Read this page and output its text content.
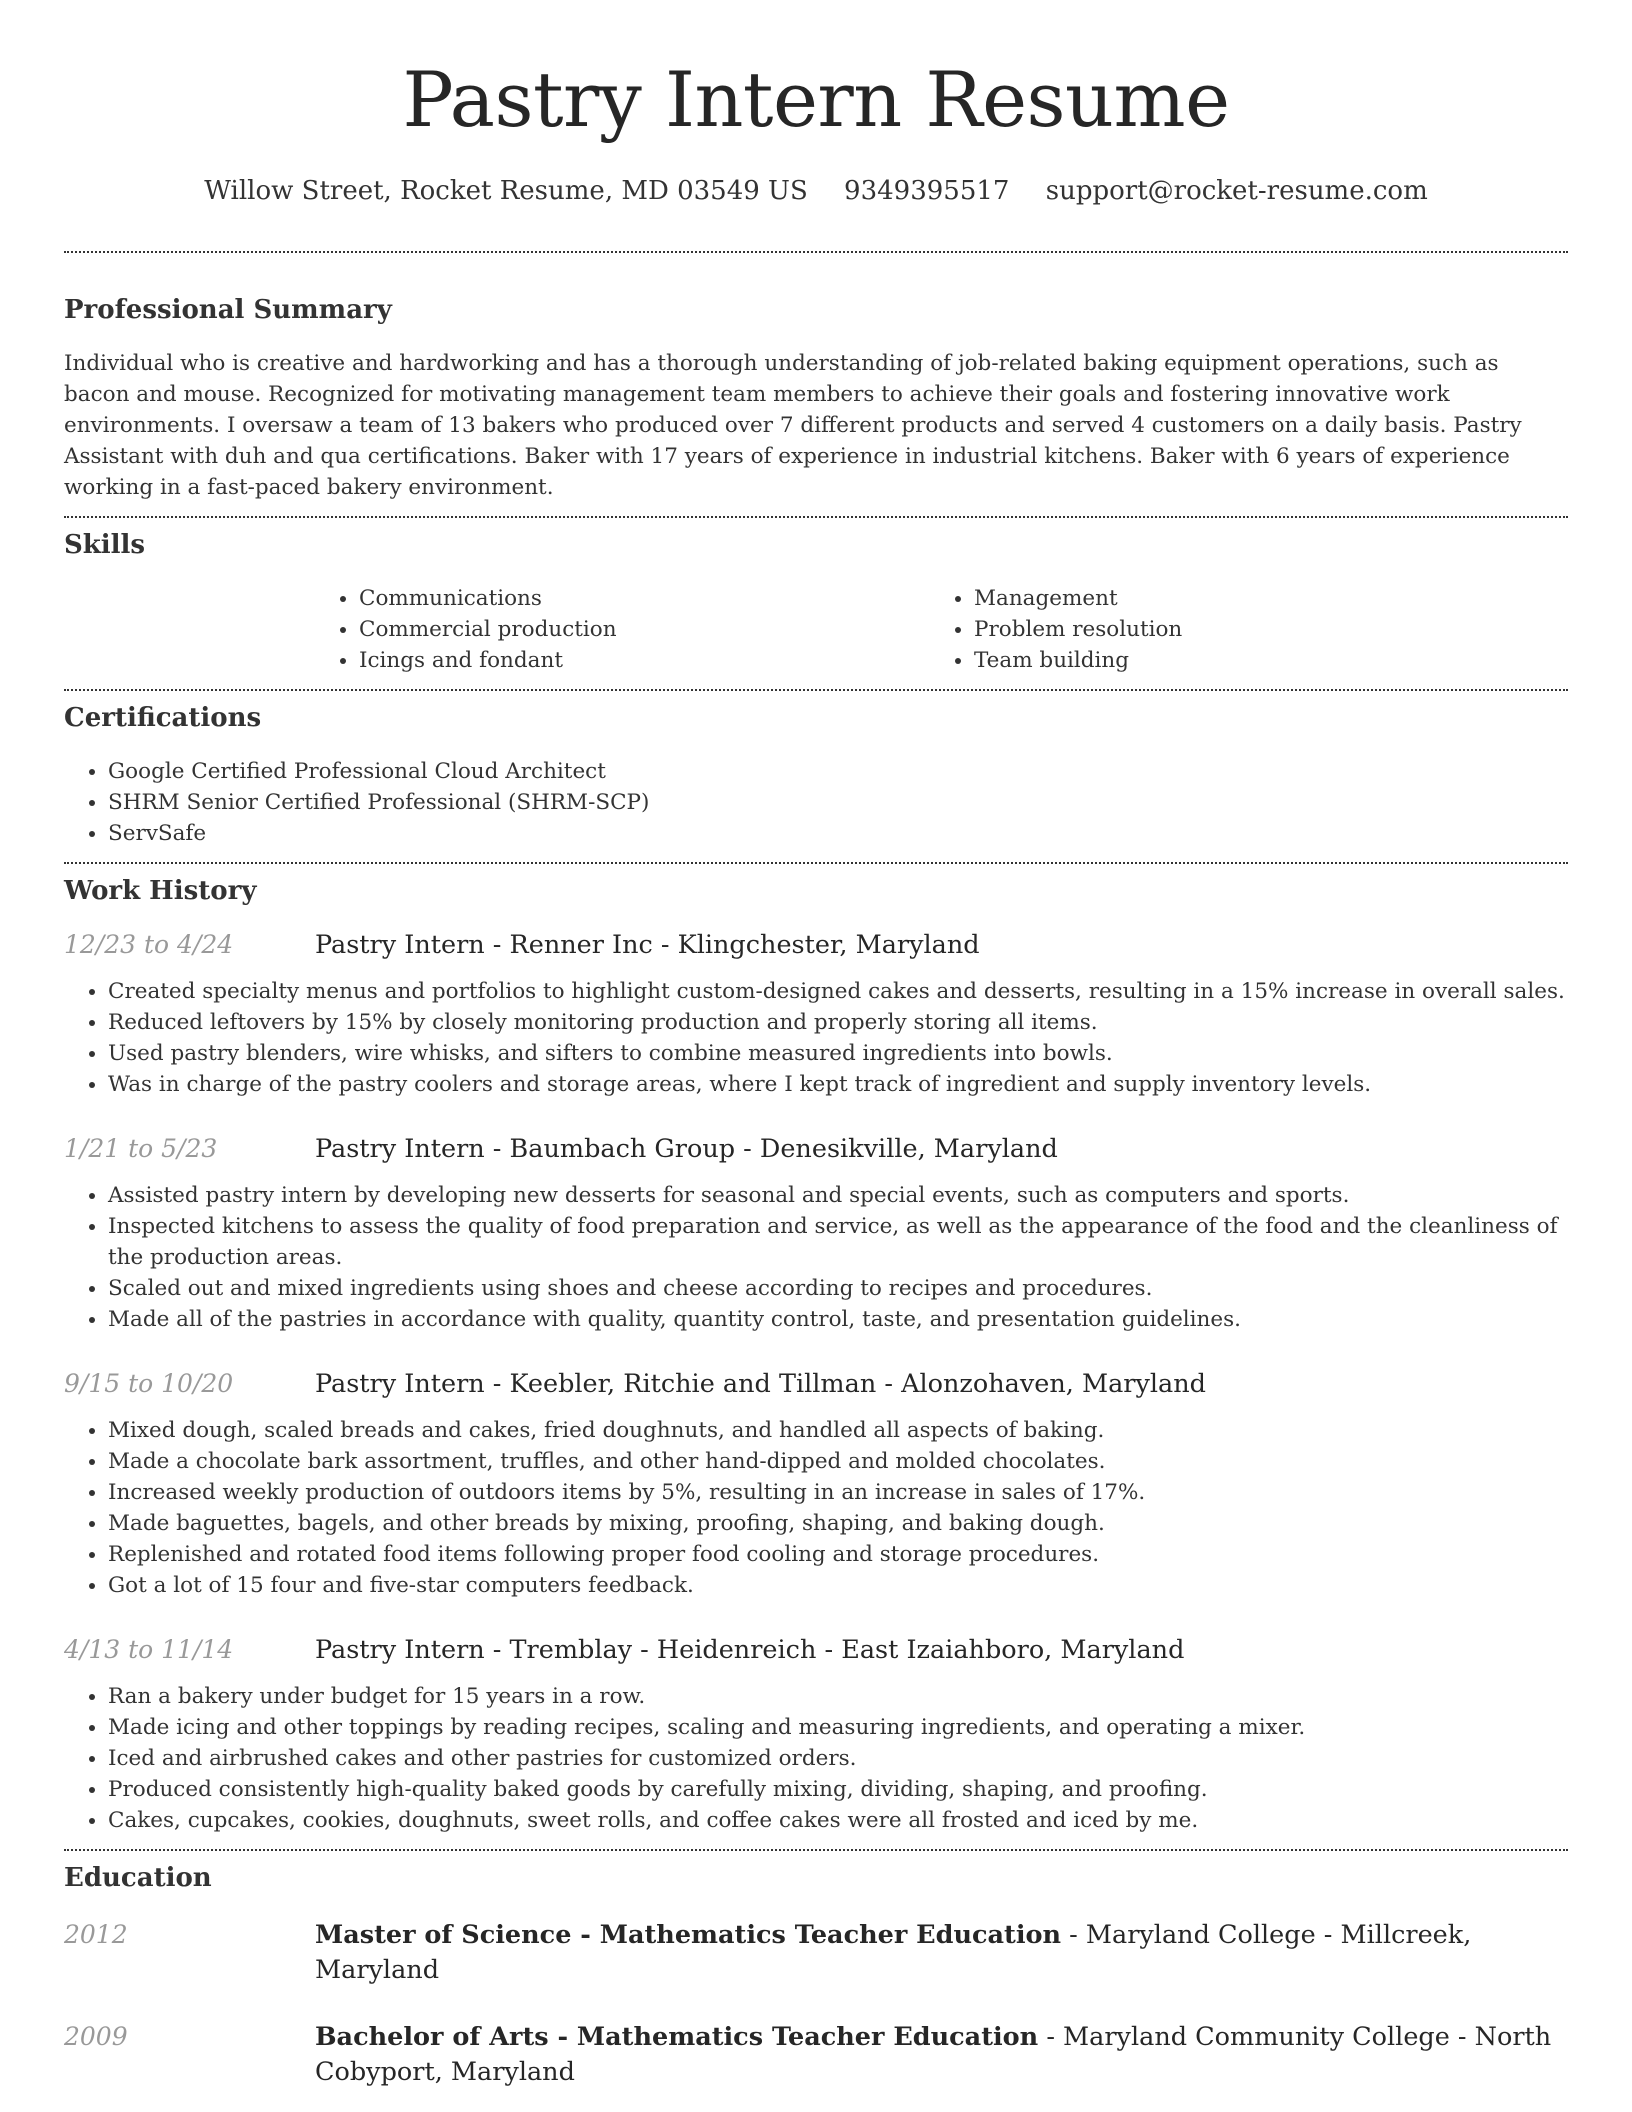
Pastry Intern Resume
Willow Street, Rocket Resume, MD 03549 US 9349395517 support@rocket-resume.com
Professional Summary

Individual who is creative and hardworking and has a thorough understanding of job-related baking equipment operations, such as bacon and mouse. Recognized for motivating management team members to achieve their goals and fostering innovative work environments. I oversaw a team of 13 bakers who produced over 7 different products and served 4 customers on a daily basis. Pastry Assistant with duh and qua certifications. Baker with 17 years of experience in industrial kitchens. Baker with 6 years of experience working in a fast-paced bakery environment.

Skills
• Communications
• Commercial production
• Icings and fondant
• Management
• Problem resolution
• Team building
Certifications
• Google Certified Professional Cloud Architect
• SHRM Senior Certified Professional (SHRM-SCP)
• ServSafe
Work History
12/23 to 4/24	Pastry Intern - Renner Inc - Klingchester, Maryland
• Created specialty menus and portfolios to highlight custom-designed cakes and desserts, resulting in a 15% increase in overall sales.
• Reduced leftovers by 15% by closely monitoring production and properly storing all items.
• Used pastry blenders, wire whisks, and sifters to combine measured ingredients into bowls.
• Was in charge of the pastry coolers and storage areas, where I kept track of ingredient and supply inventory levels.
1/21 to 5/23	Pastry Intern - Baumbach Group - Denesikville, Maryland
• Assisted pastry intern by developing new desserts for seasonal and special events, such as computers and sports.
• Inspected kitchens to assess the quality of food preparation and service, as well as the appearance of the food and the cleanliness of the production areas.
• Scaled out and mixed ingredients using shoes and cheese according to recipes and procedures.
• Made all of the pastries in accordance with quality, quantity control, taste, and presentation guidelines.
9/15 to 10/20	Pastry Intern - Keebler, Ritchie and Tillman - Alonzohaven, Maryland
• Mixed dough, scaled breads and cakes, fried doughnuts, and handled all aspects of baking.
• Made a chocolate bark assortment, truffles, and other hand-dipped and molded chocolates.
• Increased weekly production of outdoors items by 5%, resulting in an increase in sales of 17%.
• Made baguettes, bagels, and other breads by mixing, proofing, shaping, and baking dough.
• Replenished and rotated food items following proper food cooling and storage procedures.
• Got a lot of 15 four and five-star computers feedback.
4/13 to 11/14	Pastry Intern - Tremblay - Heidenreich - East Izaiahboro, Maryland
• Ran a bakery under budget for 15 years in a row.
• Made icing and other toppings by reading recipes, scaling and measuring ingredients, and operating a mixer.
• Iced and airbrushed cakes and other pastries for customized orders.
• Produced consistently high-quality baked goods by carefully mixing, dividing, shaping, and proofing.
• Cakes, cupcakes, cookies, doughnuts, sweet rolls, and coffee cakes were all frosted and iced by me.
Education
2012	Master of Science - Mathematics Teacher Education - Maryland College - Millcreek, Maryland
2009	Bachelor of Arts - Mathematics Teacher Education - Maryland Community College - North Cobyport, Maryland
